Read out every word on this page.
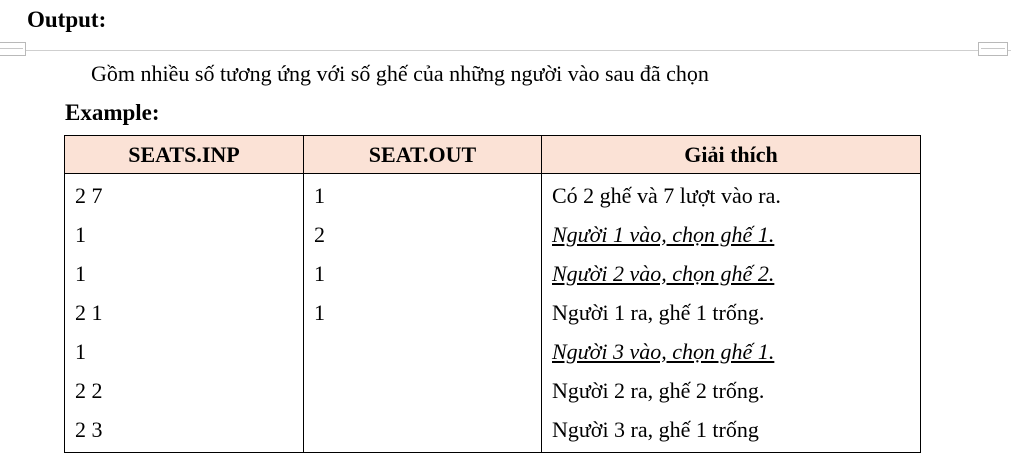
Output:
Gồm nhiều số tương ứng với số ghế của những người vào sau đã chọn
Example:
SEATS.INP	SEAT.OUT	Giải thích
2 7	1	Có 2 ghế và 7 lượt vào ra.
1	2	Người 1 vào, chọn ghế 1.
1	1	Người 2 vào, chọn ghế 2.
2 1	1	Người 1 ra, ghế 1 trống.
1		Người 3 vào, chọn ghế 1.
2 2		Người 2 ra, ghế 2 trống.
2 3		Người 3 ra, ghế 1 trống
